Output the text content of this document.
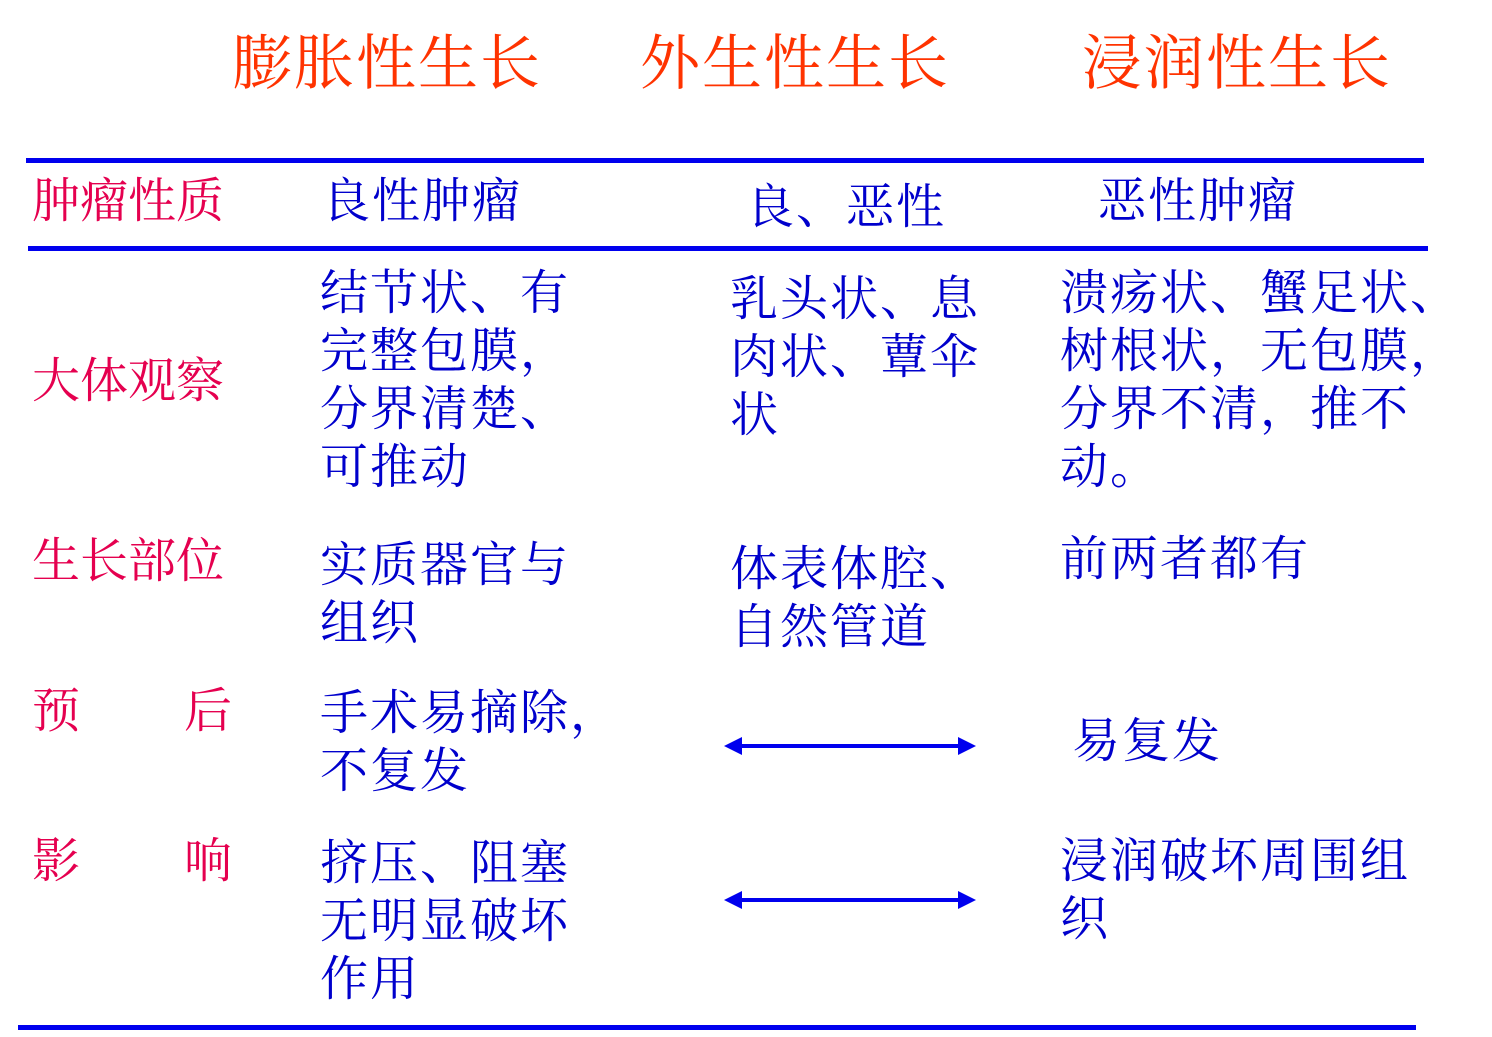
膨胀性生长 外生性生长 浸润性生长
肿瘤性质 良性肿瘤	良、恶性	恶性肿瘤
大体观察
结节状、有
完整包膜，
分界清楚、
可推动
乳头状、息
肉状、蕈伞
状
溃疡状、蟹足状、
树根状，无包膜，
分界不清，推不
动。
生长部位 实质器官与
组织
体表体腔、
自然管道
前两者都有
预 后 手术易摘除，
不复发
易复发
影 响 挤压、阻塞
无明显破坏
作用
浸润破坏周围组
织
